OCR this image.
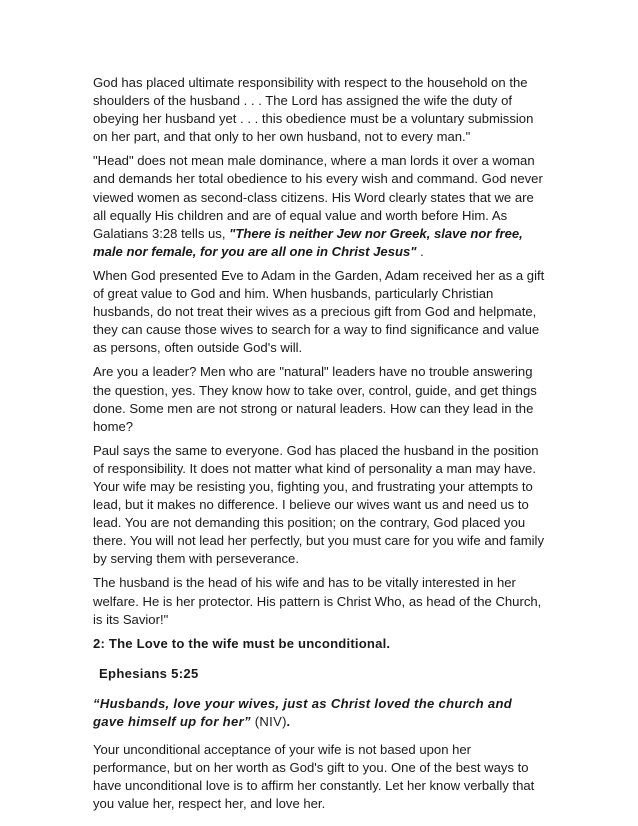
God has placed ultimate responsibility with respect to the household on the shoulders of the husband . . . The Lord has assigned the wife the duty of obeying her husband yet . . . this obedience must be a voluntary submission on her part, and that only to her own husband, not to every man."

"Head" does not mean male dominance, where a man lords it over a woman and demands her total obedience to his every wish and command. God never viewed women as second-class citizens. His Word clearly states that we are all equally His children and are of equal value and worth before Him. As Galatians 3:28 tells us, "There is neither Jew nor Greek, slave nor free, male nor female, for you are all one in Christ Jesus" .

When God presented Eve to Adam in the Garden, Adam received her as a gift of great value to God and him. When husbands, particularly Christian husbands, do not treat their wives as a precious gift from God and helpmate, they can cause those wives to search for a way to find significance and value as persons, often outside God's will.

Are you a leader? Men who are "natural" leaders have no trouble answering the question, yes. They know how to take over, control, guide, and get things done. Some men are not strong or natural leaders. How can they lead in the home?

Paul says the same to everyone. God has placed the husband in the position of responsibility. It does not matter what kind of personality a man may have. Your wife may be resisting you, fighting you, and frustrating your attempts to lead, but it makes no difference. I believe our wives want us and need us to lead. You are not demanding this position; on the contrary, God placed you there. You will not lead her perfectly, but you must care for you wife and family by serving them with perseverance.

The husband is the head of his wife and has to be vitally interested in her welfare. He is her protector. His pattern is Christ Who, as head of the Church, is its Savior!"

2: The Love to the wife must be unconditional.

Ephesians 5:25

“Husbands, love your wives, just as Christ loved the church and gave himself up for her” (NIV).

Your unconditional acceptance of your wife is not based upon her performance, but on her worth as God's gift to you. One of the best ways to have unconditional love is to affirm her constantly. Let her know verbally that you value her, respect her, and love her.
